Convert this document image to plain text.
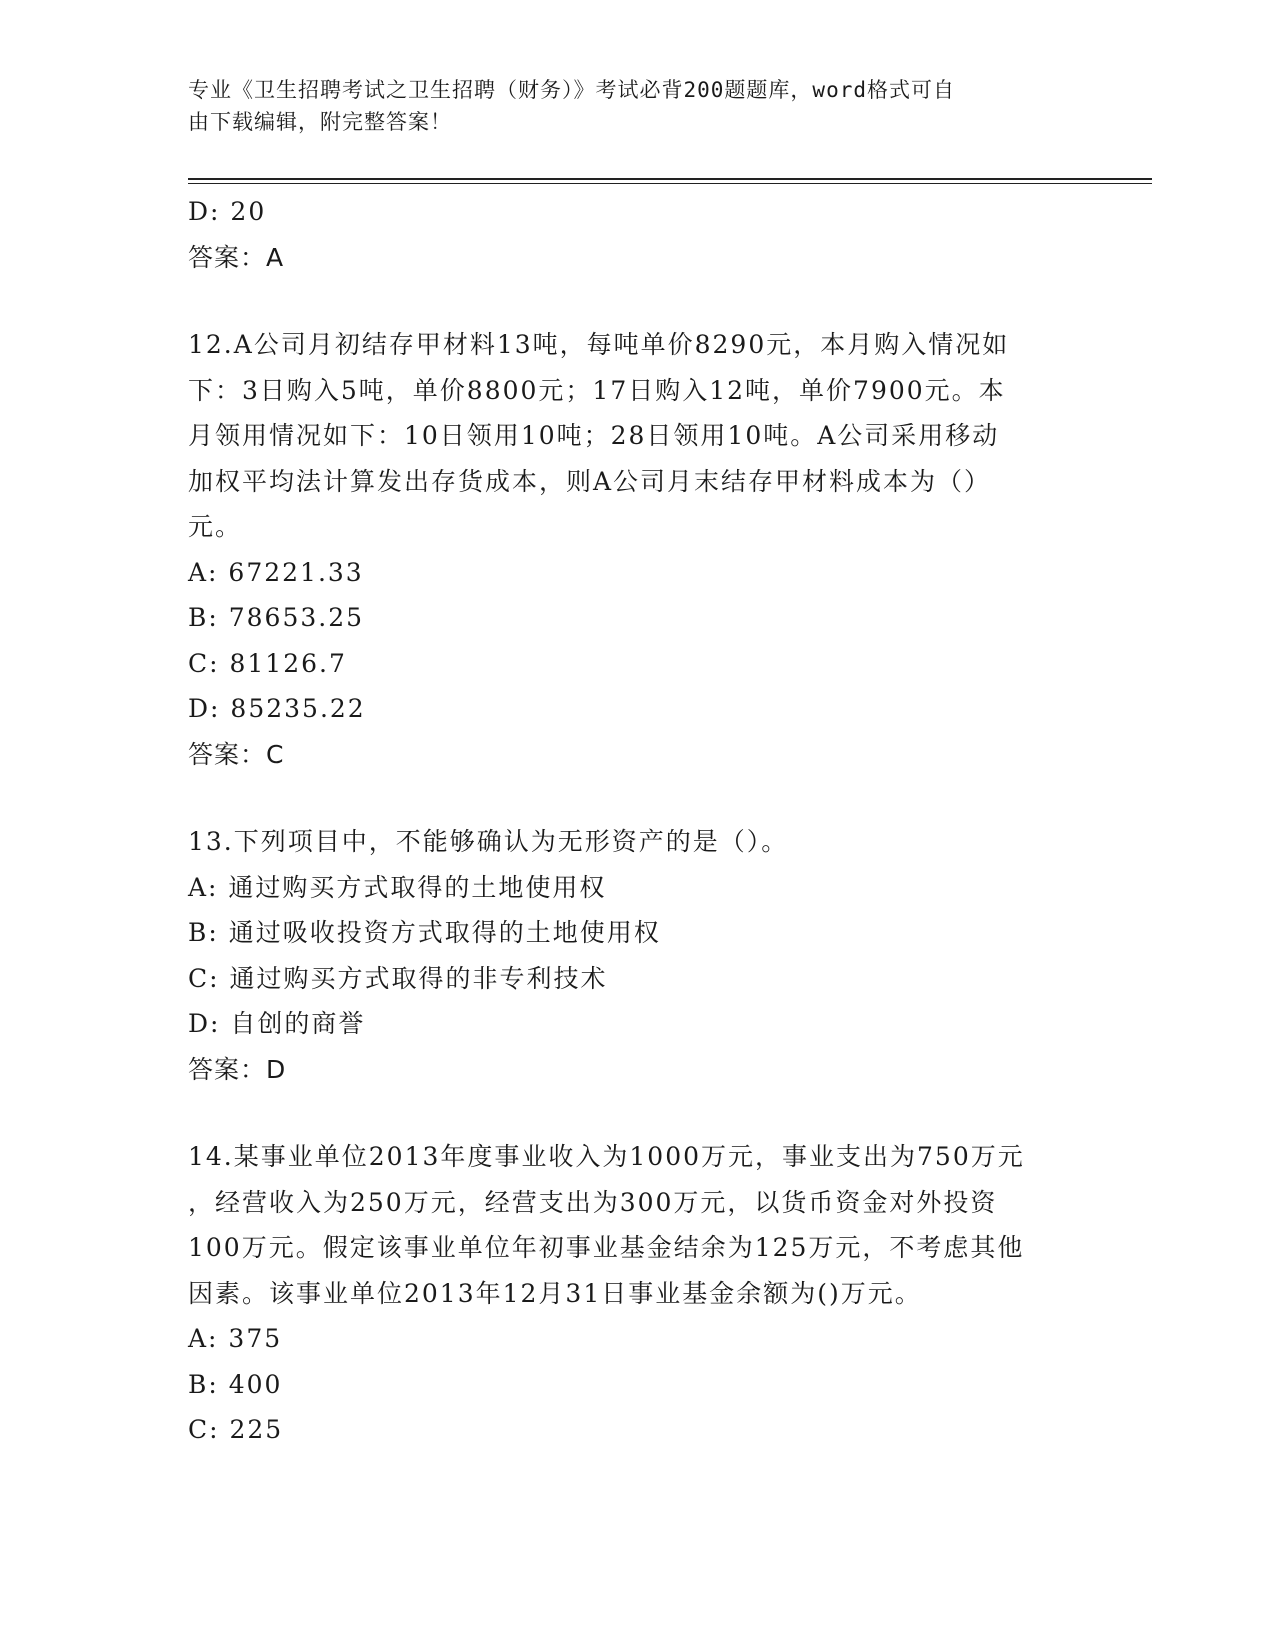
专业《卫生招聘考试之卫生招聘（财务）》考试必背200题题库，word格式可自
由下载编辑，附完整答案！
D: 20
答案：A
12.A公司月初结存甲材料13吨，每吨单价8290元，本月购入情况如
下：3日购入5吨，单价8800元；17日购入12吨，单价7900元。本
月领用情况如下：10日领用10吨；28日领用10吨。A公司采用移动
加权平均法计算发出存货成本，则A公司月末结存甲材料成本为（）
元。
A: 67221.33
B: 78653.25
C: 81126.7
D: 85235.22
答案：C
13.下列项目中，不能够确认为无形资产的是（）。
A: 通过购买方式取得的土地使用权
B: 通过吸收投资方式取得的土地使用权
C: 通过购买方式取得的非专利技术
D: 自创的商誉
答案：D
14.某事业单位2013年度事业收入为1000万元，事业支出为750万元
，经营收入为250万元，经营支出为300万元，以货币资金对外投资
100万元。假定该事业单位年初事业基金结余为125万元，不考虑其他
因素。该事业单位2013年12月31日事业基金余额为()万元。
A: 375
B: 400
C: 225
